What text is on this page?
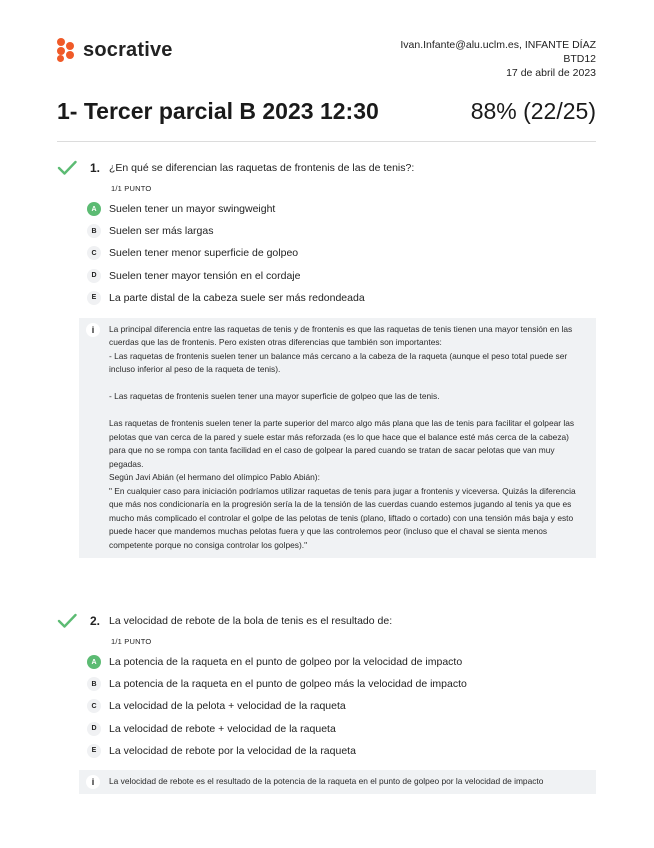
socrative	Ivan.Infante@alu.uclm.es, INFANTE DÍAZ
BTD12
17 de abril de 2023
1- Tercer parcial B 2023 12:30	88% (22/25)
1. ¿En qué se diferencian las raquetas de frontenis de las de tenis?:
1/1 PUNTO
A	Suelen tener un mayor swingweight
B	Suelen ser más largas
C	Suelen tener menor superficie de golpeo
D	Suelen tener mayor tensión en el cordaje
E	La parte distal de la cabeza suele ser más redondeada
i	La principal diferencia entre las raquetas de tenis y de frontenis es que las raquetas de tenis tienen una mayor tensión en las cuerdas que las de frontenis. Pero existen otras diferencias que también son importantes:
- Las raquetas de frontenis suelen tener un balance más cercano a la cabeza de la raqueta (aunque el peso total puede ser incluso inferior al peso de la raqueta de tenis).

- Las raquetas de frontenis suelen tener una mayor superficie de golpeo que las de tenis.

Las raquetas de frontenis suelen tener la parte superior del marco algo más plana que las de tenis para facilitar el golpear las pelotas que van cerca de la pared y suele estar más reforzada (es lo que hace que el balance esté más cerca de la cabeza) para que no se rompa con tanta facilidad en el caso de golpear la pared cuando se tratan de sacar pelotas que van muy pegadas.
Según Javi Abián (el hermano del olímpico Pablo Abián):
" En cualquier caso para iniciación podríamos utilizar raquetas de tenis para jugar a frontenis y viceversa. Quizás la diferencia que más nos condicionaría en la progresión sería la de la tensión de las cuerdas cuando estemos jugando al tenis ya que es mucho más complicado el controlar el golpe de las pelotas de tenis (plano, liftado o cortado) con una tensión más baja y esto puede hacer que mandemos muchas pelotas fuera y que las controlemos peor (incluso que el chaval se sienta menos competente porque no consiga controlar los golpes)."
2. La velocidad de rebote de la bola de tenis es el resultado de:
1/1 PUNTO
A	La potencia de la raqueta en el punto de golpeo por la velocidad de impacto
B	La potencia de la raqueta en el punto de golpeo más la velocidad de impacto
C	La velocidad de la pelota + velocidad de la raqueta
D	La velocidad de rebote + velocidad de la raqueta
E	La velocidad de rebote por la velocidad de la raqueta
i	La velocidad de rebote es el resultado de la potencia de la raqueta en el punto de golpeo por la velocidad de impacto
